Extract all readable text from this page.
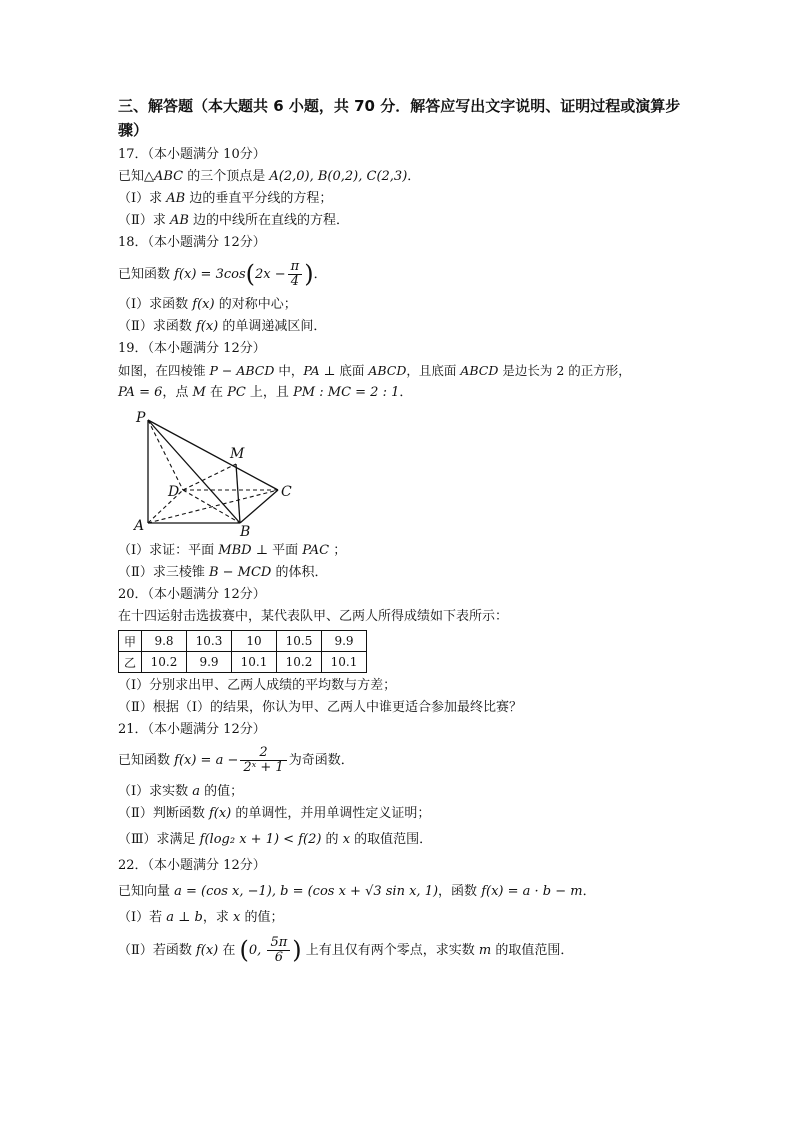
三、解答题（本大题共 6 小题，共 70 分．解答应写出文字说明、证明过程或演算步骤）
17．（本小题满分 10分）
已知△ABC 的三个顶点是 A(2,0), B(0,2), C(2,3)．
（Ⅰ）求 AB 边的垂直平分线的方程；
（Ⅱ）求 AB 边的中线所在直线的方程．
18．（本小题满分 12分）
已知函数 $f(x) = 3\cos(2x - \frac{\pi}{4}$ )．
（Ⅰ）求函数 f(x) 的对称中心；
（Ⅱ）求函数 f(x) 的单调递减区间．
19．（本小题满分 12分）
如图，在四棱锥 P − ABCD 中，PA ⊥ 底面 ABCD，且底面 ABCD 是边长为 2 的正方形，
PA = 6，点 M 在 PC 上，且 PM : MC = 2 : 1．
P
M
D	C
A	B
（Ⅰ）求证：平面 MBD ⊥ 平面 PAC ；
（Ⅱ）求三棱锥 B − MCD 的体积．
20．（本小题满分 12分）
在十四运射击选拔赛中，某代表队甲、乙两人所得成绩如下表所示：
甲	9.8	10.3	10	10.5	9.9
乙	10.2	9.9	10.1	10.2	10.1
（Ⅰ）分别求出甲、乙两人成绩的平均数与方差；
（Ⅱ）根据（Ⅰ）的结果，你认为甲、乙两人中谁更适合参加最终比赛？
21．（本小题满分 12分）
已知函数 $f(x) = a - \frac{2}{\text{2ˣ + 1}}$ 为奇函数．
（Ⅰ）求实数 a 的值；
（Ⅱ）判断函数 f(x) 的单调性，并用单调性定义证明；
（Ⅲ）求满足 f(log₂ x + 1) < f(2) 的 x 的取值范围．
22．（本小题满分 12分）
已知向量 a = (cos x, −1), b = (cos x + √3 sin x, 1)，函数 f(x) = a · b − m．
（Ⅰ）若 a ⊥ b，求 x 的值；
（Ⅱ）若函数 f(x) 在 (0, $\frac{5\pi}{6}$ ) 上有且仅有两个零点，求实数 m 的取值范围．
